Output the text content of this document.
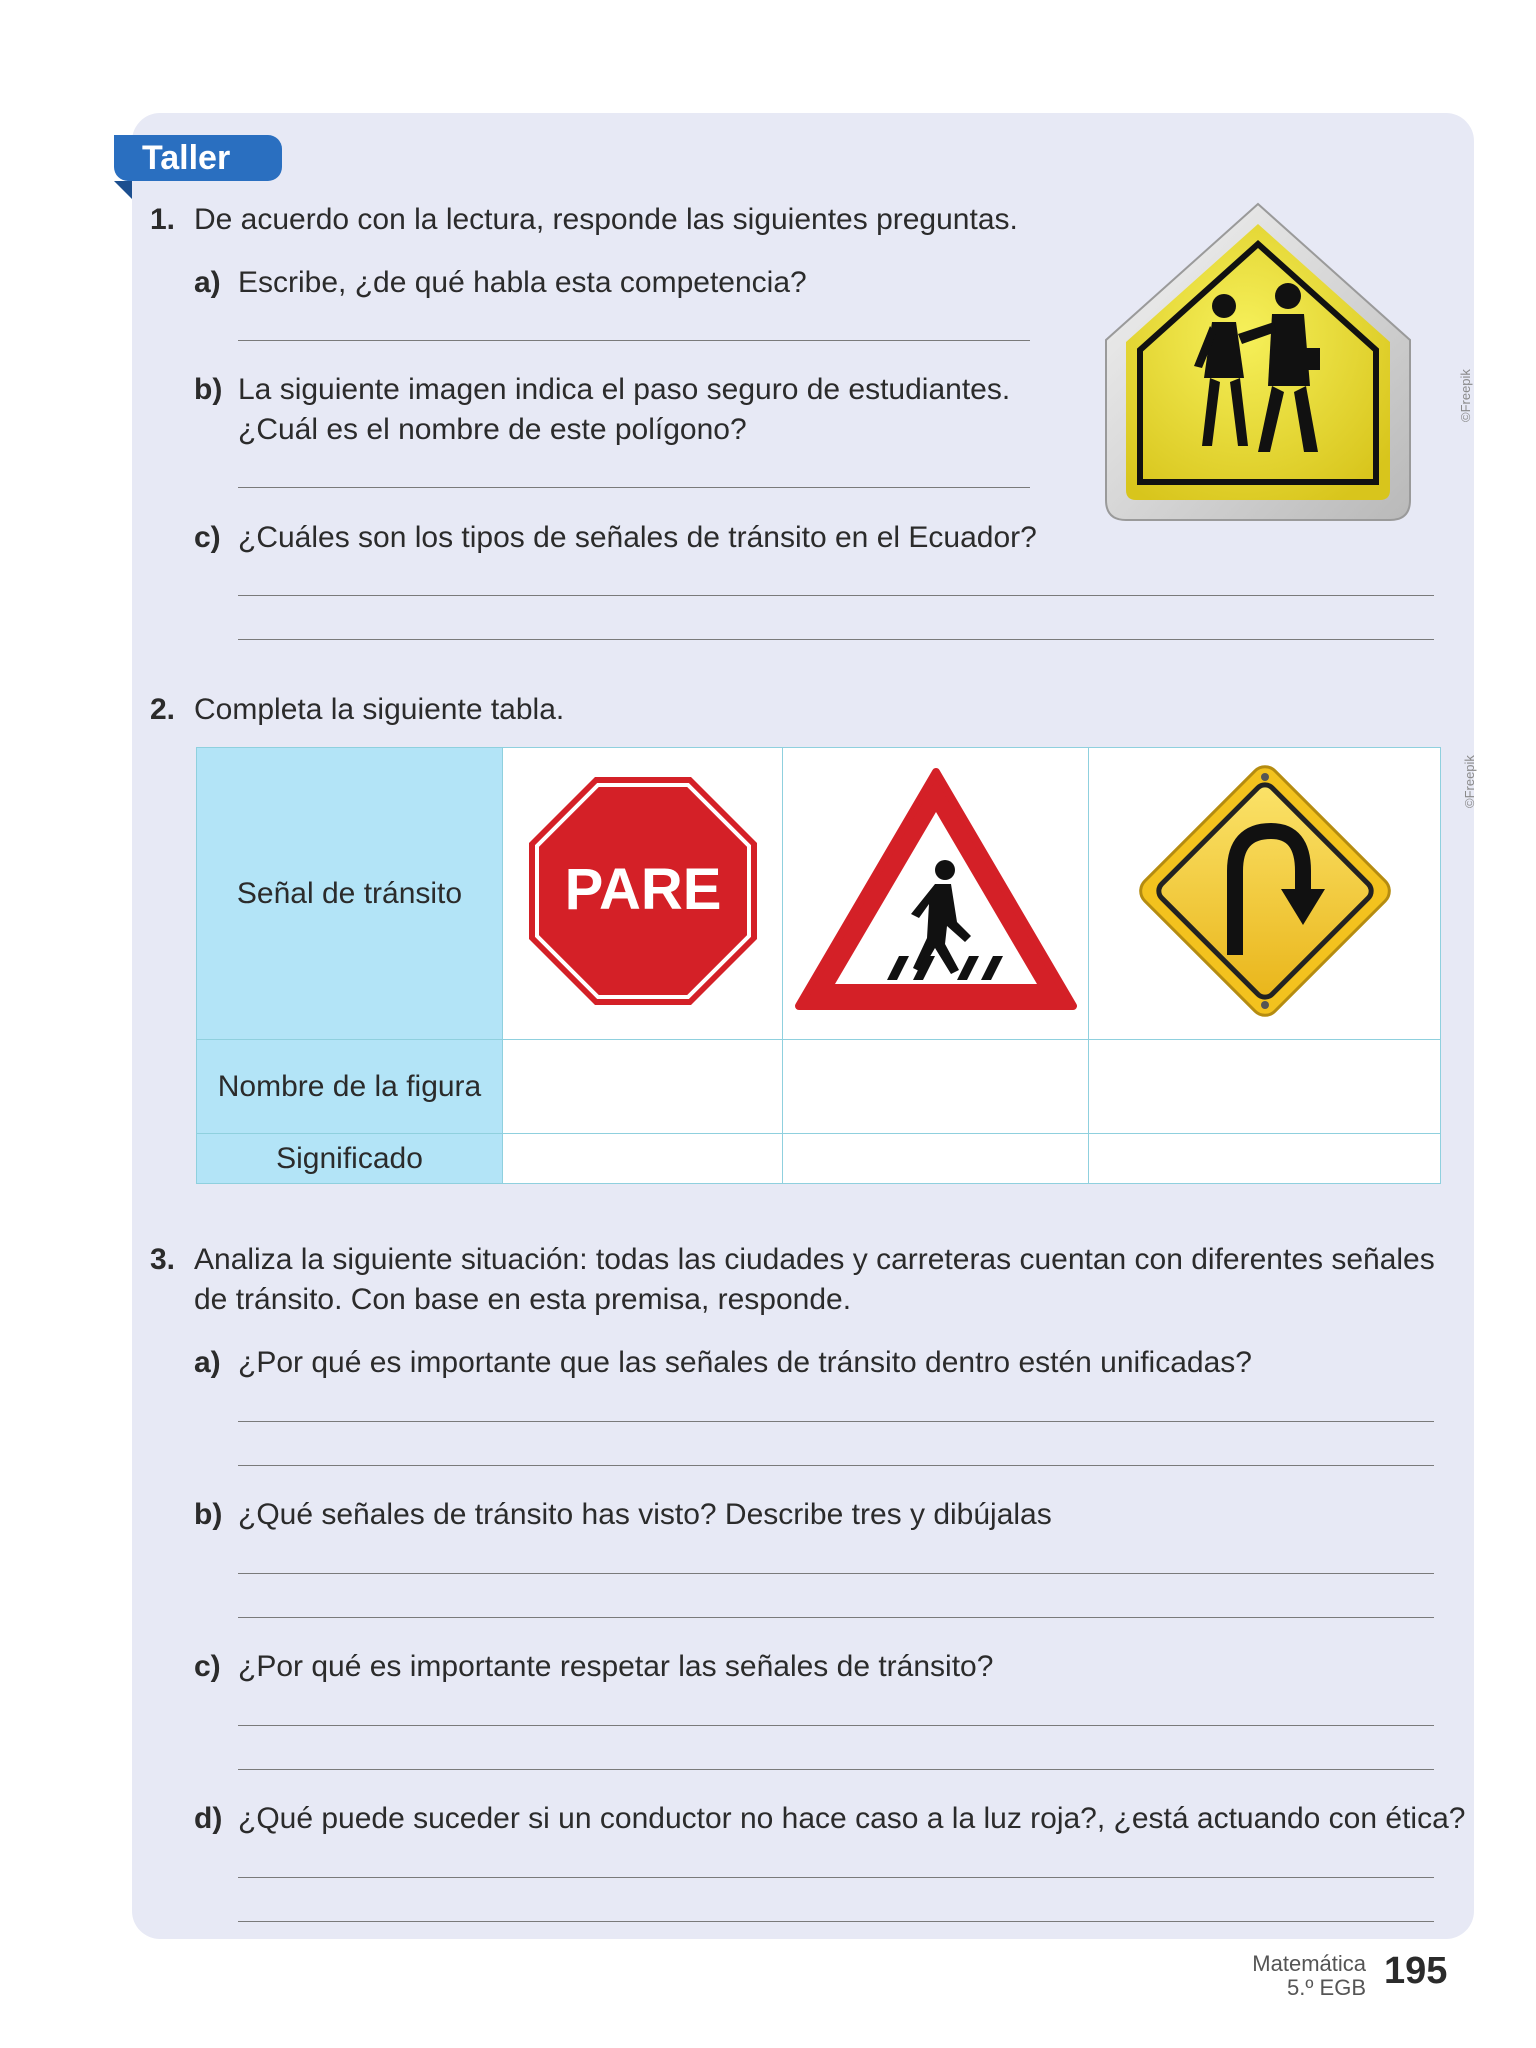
Taller
1. De acuerdo con la lectura, responde las siguientes preguntas.
a) Escribe, ¿de qué habla esta competencia?
b) La siguiente imagen indica el paso seguro de estudiantes.
¿Cuál es el nombre de este polígono?
c) ¿Cuáles son los tipos de señales de tránsito en el Ecuador?
©Freepik
2. Completa la siguiente tabla.
©Freepik
Señal de tránsito	PARE

Nombre de la figura			
Significado			
3. Analiza la siguiente situación: todas las ciudades y carreteras cuentan con diferentes señales
de tránsito. Con base en esta premisa, responde.
a) ¿Por qué es importante que las señales de tránsito dentro estén unificadas?
b) ¿Qué señales de tránsito has visto? Describe tres y dibújalas
c) ¿Por qué es importante respetar las señales de tránsito?
d) ¿Qué puede suceder si un conductor no hace caso a la luz roja?, ¿está actuando con ética?
Matemática
5.º EGB 195
